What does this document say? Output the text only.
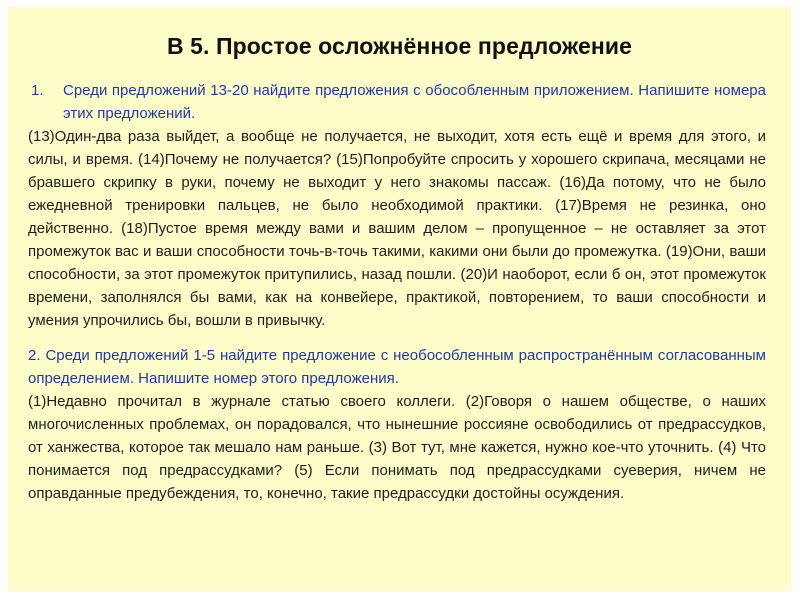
В 5. Простое осложнённое предложение
1.	Среди предложений 13-20 найдите предложения с обособленным приложением. Напишите номера этих предложений.

(13)Один-два раза выйдет, а вообще не получается, не выходит, хотя есть ещё и время для этого, и силы, и время. (14)Почему не получается? (15)Попробуйте спросить у хорошего скрипача, месяцами не бравшего скрипку в руки, почему не выходит у него знакомы пассаж. (16)Да потому, что не было ежедневной тренировки пальцев, не было необходимой практики. (17)Время не резинка, оно действенно. (18)Пустое время между вами и вашим делом – пропущенное – не оставляет за этот промежуток вас и ваши способности точь-в-точь такими, какими они были до промежутка. (19)Они, ваши способности, за этот промежуток притупились, назад пошли. (20)И наоборот, если б он, этот промежуток времени, заполнялся бы вами, как на конвейере, практикой, повторением, то ваши способности и умения упрочились бы, вошли в привычку.

2. Среди предложений 1-5 найдите предложение с необособленным распространённым согласованным определением. Напишите номер этого предложения.

(1)Недавно прочитал в журнале статью своего коллеги. (2)Говоря о нашем обществе, о наших многочисленных проблемах, он порадовался, что нынешние россияне освободились от предрассудков, от ханжества, которое так мешало нам раньше. (3) Вот тут, мне кажется, нужно кое-что уточнить. (4) Что понимается под предрассудками? (5) Если понимать под предрассудками суеверия, ничем не оправданные предубеждения, то, конечно, такие предрассудки достойны осуждения.
